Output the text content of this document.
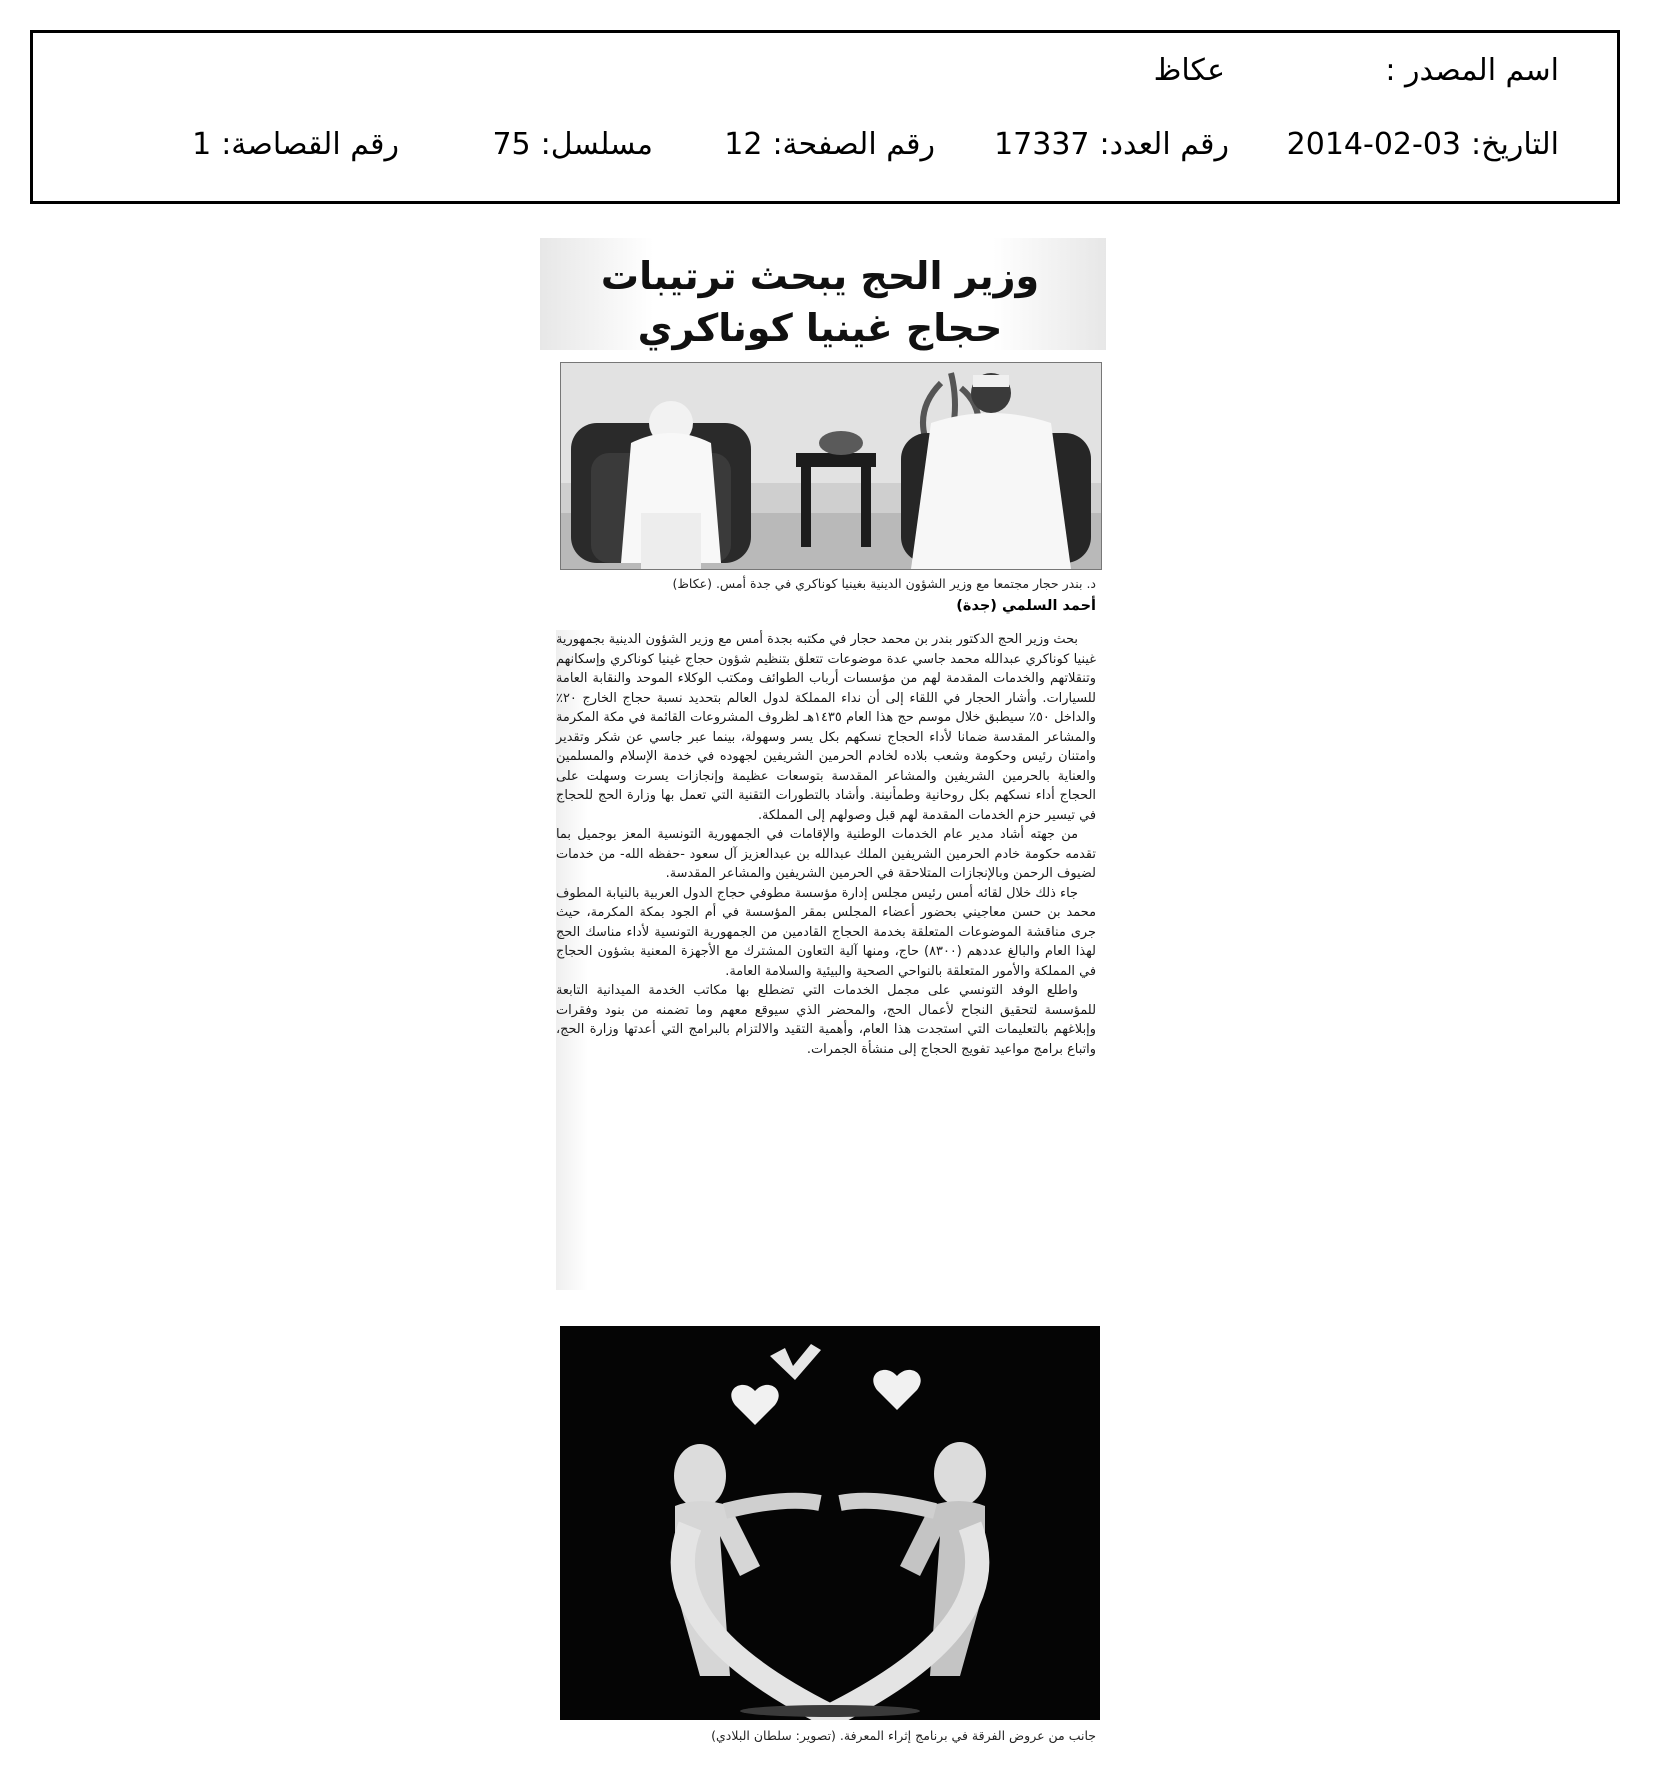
اسم المصدر :
عكاظ
التاريخ:2014-02-03
رقم العدد:17337
رقم الصفحة:12
مسلسل:75
رقم القصاصة:1
وزير الحج يبحث ترتيبات
حجاج غينيا كوناكري
د. بندر حجار مجتمعا مع وزير الشؤون الدينية بغينيا كوناكري في جدة أمس. (عكاظ)
أحمد السلمي (جدة)

بحث وزير الحج الدكتور بندر بن محمد حجار في مكتبه بجدة أمس مع وزير الشؤون الدينية بجمهورية غينيا كوناكري عبدالله محمد جاسي عدة موضوعات تتعلق بتنظيم شؤون حجاج غينيا كوناكري وإسكانهم وتنقلاتهم والخدمات المقدمة لهم من مؤسسات أرباب الطوائف ومكتب الوكلاء الموحد والنقابة العامة للسيارات. وأشار الحجار في اللقاء إلى أن نداء المملكة لدول العالم بتحديد نسبة حجاج الخارج ٢٠٪ والداخل ٥٠٪ سيطبق خلال موسم حج هذا العام ١٤٣٥هـ لظروف المشروعات القائمة في مكة المكرمة والمشاعر المقدسة ضمانا لأداء الحجاج نسكهم بكل يسر وسهولة، بينما عبر جاسي عن شكر وتقدير وامتنان رئيس وحكومة وشعب بلاده لخادم الحرمين الشريفين لجهوده في خدمة الإسلام والمسلمين والعناية بالحرمين الشريفين والمشاعر المقدسة بتوسعات عظيمة وإنجازات يسرت وسهلت على الحجاج أداء نسكهم بكل روحانية وطمأنينة. وأشاد بالتطورات التقنية التي تعمل بها وزارة الحج للحجاج في تيسير حزم الخدمات المقدمة لهم قبل وصولهم إلى المملكة.

من جهته أشاد مدير عام الخدمات الوطنية والإقامات في الجمهورية التونسية المعز بوجميل بما تقدمه حكومة خادم الحرمين الشريفين الملك عبدالله بن عبدالعزيز آل سعود -حفظه الله- من خدمات لضيوف الرحمن وبالإنجازات المتلاحقة في الحرمين الشريفين والمشاعر المقدسة.

جاء ذلك خلال لقائه أمس رئيس مجلس إدارة مؤسسة مطوفي حجاج الدول العربية بالنيابة المطوف محمد بن حسن معاجيني بحضور أعضاء المجلس بمقر المؤسسة في أم الجود بمكة المكرمة، حيث جرى مناقشة الموضوعات المتعلقة بخدمة الحجاج القادمين من الجمهورية التونسية لأداء مناسك الحج لهذا العام والبالغ عددهم (٨٣٠٠) حاج، ومنها آلية التعاون المشترك مع الأجهزة المعنية بشؤون الحجاج في المملكة والأمور المتعلقة بالنواحي الصحية والبيئية والسلامة العامة.

واطلع الوفد التونسي على مجمل الخدمات التي تضطلع بها مكاتب الخدمة الميدانية التابعة للمؤسسة لتحقيق النجاح لأعمال الحج، والمحضر الذي سيوقع معهم وما تضمنه من بنود وفقرات وإبلاغهم بالتعليمات التي استجدت هذا العام، وأهمية التقيد والالتزام بالبرامج التي أعدتها وزارة الحج، واتباع برامج مواعيد تفويج الحجاج إلى منشأة الجمرات.

جانب من عروض الفرقة في برنامج إثراء المعرفة. (تصوير: سلطان البلادي)
